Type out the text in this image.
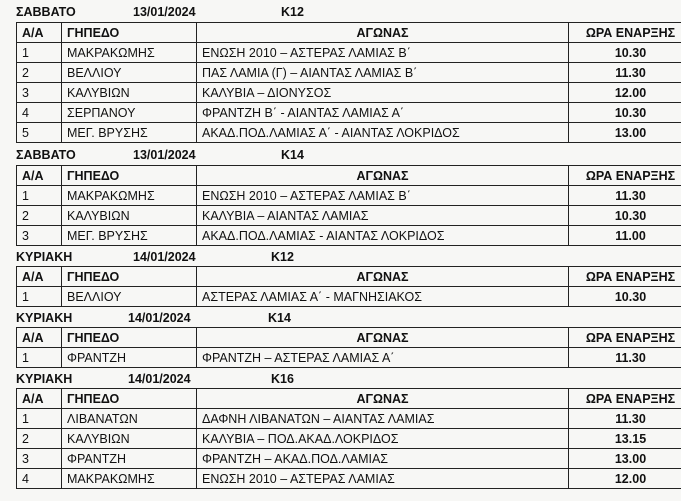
ΣΑΒΒΑΤΟ	13/01/2024	Κ12
Α/Α	ΓΗΠΕΔΟ	ΑΓΩΝΑΣ	ΩΡΑ ΕΝΑΡΞΗΣ
1	ΜΑΚΡΑΚΩΜΗΣ	ΕΝΩΣΗ 2010 – ΑΣΤΕΡΑΣ ΛΑΜΙΑΣ Β΄	10.30
2	ΒΕΛΛΙΟΥ	ΠΑΣ ΛΑΜΙΑ (Γ) – ΑΙΑΝΤΑΣ ΛΑΜΙΑΣ Β΄	11.30
3	ΚΑΛΥΒΙΩΝ	ΚΑΛΥΒΙΑ – ΔΙΟΝΥΣΟΣ	12.00
4	ΣΕΡΠΑΝΟΥ	ΦΡΑΝΤΖΗ Β΄ - ΑΙΑΝΤΑΣ ΛΑΜΙΑΣ Α΄	10.30
5	ΜΕΓ. ΒΡΥΣΗΣ	ΑΚΑΔ.ΠΟΔ.ΛΑΜΙΑΣ Α΄ - ΑΙΑΝΤΑΣ ΛΟΚΡΙΔΟΣ	13.00
ΣΑΒΒΑΤΟ	13/01/2024	Κ14
Α/Α	ΓΗΠΕΔΟ	ΑΓΩΝΑΣ	ΩΡΑ ΕΝΑΡΞΗΣ
1	ΜΑΚΡΑΚΩΜΗΣ	ΕΝΩΣΗ 2010 – ΑΣΤΕΡΑΣ ΛΑΜΙΑΣ Β΄	11.30
2	ΚΑΛΥΒΙΩΝ	ΚΑΛΥΒΙΑ – ΑΙΑΝΤΑΣ ΛΑΜΙΑΣ	10.30
3	ΜΕΓ. ΒΡΥΣΗΣ	ΑΚΑΔ.ΠΟΔ.ΛΑΜΙΑΣ - ΑΙΑΝΤΑΣ ΛΟΚΡΙΔΟΣ	11.00
ΚΥΡΙΑΚΗ	14/01/2024	Κ12
Α/Α	ΓΗΠΕΔΟ	ΑΓΩΝΑΣ	ΩΡΑ ΕΝΑΡΞΗΣ
1	ΒΕΛΛΙΟΥ	ΑΣΤΕΡΑΣ ΛΑΜΙΑΣ Α΄ - ΜΑΓΝΗΣΙΑΚΟΣ	10.30
ΚΥΡΙΑΚΗ	14/01/2024	Κ14
Α/Α	ΓΗΠΕΔΟ	ΑΓΩΝΑΣ	ΩΡΑ ΕΝΑΡΞΗΣ
1	ΦΡΑΝΤΖΗ	ΦΡΑΝΤΖΗ – ΑΣΤΕΡΑΣ ΛΑΜΙΑΣ Α΄	11.30
ΚΥΡΙΑΚΗ	14/01/2024	Κ16
Α/Α	ΓΗΠΕΔΟ	ΑΓΩΝΑΣ	ΩΡΑ ΕΝΑΡΞΗΣ
1	ΛΙΒΑΝΑΤΩΝ	ΔΑΦΝΗ ΛΙΒΑΝΑΤΩΝ – ΑΙΑΝΤΑΣ ΛΑΜΙΑΣ	11.30
2	ΚΑΛΥΒΙΩΝ	ΚΑΛΥΒΙΑ – ΠΟΔ.ΑΚΑΔ.ΛΟΚΡΙΔΟΣ	13.15
3	ΦΡΑΝΤΖΗ	ΦΡΑΝΤΖΗ – ΑΚΑΔ.ΠΟΔ.ΛΑΜΙΑΣ	13.00
4	ΜΑΚΡΑΚΩΜΗΣ	ΕΝΩΣΗ 2010 – ΑΣΤΕΡΑΣ ΛΑΜΙΑΣ	12.00
